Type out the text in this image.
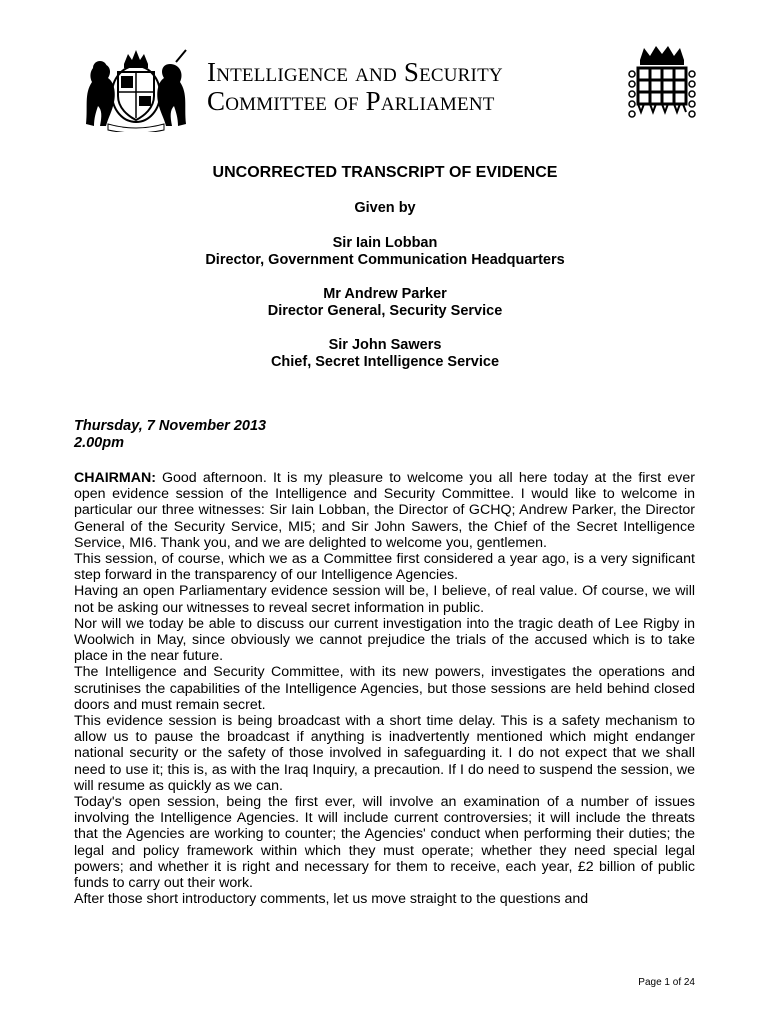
Intelligence and Security
Committee of Parliament
UNCORRECTED TRANSCRIPT OF EVIDENCE
Given by
Sir Iain Lobban
Director, Government Communication Headquarters
Mr Andrew Parker
Director General, Security Service
Sir John Sawers
Chief, Secret Intelligence Service
Thursday, 7 November 2013
2.00pm

CHAIRMAN: Good afternoon. It is my pleasure to welcome you all here today at the first ever open evidence session of the Intelligence and Security Committee. I would like to welcome in particular our three witnesses: Sir Iain Lobban, the Director of GCHQ; Andrew Parker, the Director General of the Security Service, MI5; and Sir John Sawers, the Chief of the Secret Intelligence Service, MI6. Thank you, and we are delighted to welcome you, gentlemen.

This session, of course, which we as a Committee first considered a year ago, is a very significant step forward in the transparency of our Intelligence Agencies.

Having an open Parliamentary evidence session will be, I believe, of real value. Of course, we will not be asking our witnesses to reveal secret information in public.

Nor will we today be able to discuss our current investigation into the tragic death of Lee Rigby in Woolwich in May, since obviously we cannot prejudice the trials of the accused which is to take place in the near future.

The Intelligence and Security Committee, with its new powers, investigates the operations and scrutinises the capabilities of the Intelligence Agencies, but those sessions are held behind closed doors and must remain secret.

This evidence session is being broadcast with a short time delay. This is a safety mechanism to allow us to pause the broadcast if anything is inadvertently mentioned which might endanger national security or the safety of those involved in safeguarding it. I do not expect that we shall need to use it; this is, as with the Iraq Inquiry, a precaution. If I do need to suspend the session, we will resume as quickly as we can.

Today's open session, being the first ever, will involve an examination of a number of issues involving the Intelligence Agencies. It will include current controversies; it will include the threats that the Agencies are working to counter; the Agencies' conduct when performing their duties; the legal and policy framework within which they must operate; whether they need special legal powers; and whether it is right and necessary for them to receive, each year, £2 billion of public funds to carry out their work.

After those short introductory comments, let us move straight to the questions and

Page 1 of 24
